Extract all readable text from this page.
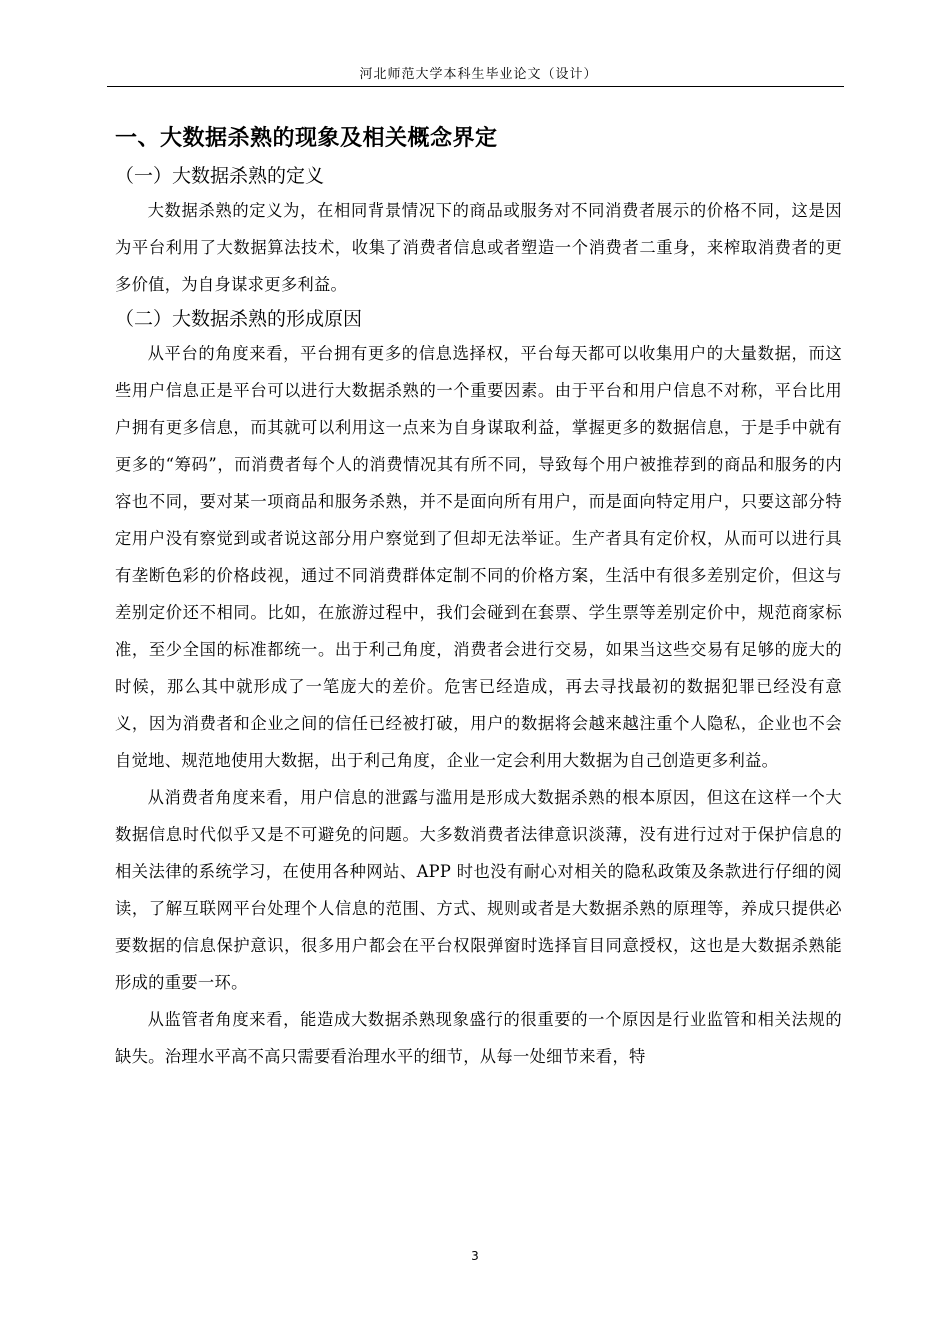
河北师范大学本科生毕业论文（设计）
一、大数据杀熟的现象及相关概念界定
（一）大数据杀熟的定义

大数据杀熟的定义为，在相同背景情况下的商品或服务对不同消费者展示的价格不同，这是因为平台利用了大数据算法技术，收集了消费者信息或者塑造一个消费者二重身，来榨取消费者的更多价值，为自身谋求更多利益。

（二）大数据杀熟的形成原因

从平台的角度来看，平台拥有更多的信息选择权，平台每天都可以收集用户的大量数据，而这些用户信息正是平台可以进行大数据杀熟的一个重要因素。由于平台和用户信息不对称，平台比用户拥有更多信息，而其就可以利用这一点来为自身谋取利益，掌握更多的数据信息，于是手中就有更多的“筹码”，而消费者每个人的消费情况其有所不同，导致每个用户被推荐到的商品和服务的内容也不同，要对某一项商品和服务杀熟，并不是面向所有用户，而是面向特定用户，只要这部分特定用户没有察觉到或者说这部分用户察觉到了但却无法举证。生产者具有定价权，从而可以进行具有垄断色彩的价格歧视，通过不同消费群体定制不同的价格方案，生活中有很多差别定价，但这与差别定价还不相同。比如，在旅游过程中，我们会碰到在套票、学生票等差别定价中，规范商家标准，至少全国的标准都统一。出于利己角度，消费者会进行交易，如果当这些交易有足够的庞大的时候，那么其中就形成了一笔庞大的差价。危害已经造成，再去寻找最初的数据犯罪已经没有意义，因为消费者和企业之间的信任已经被打破，用户的数据将会越来越注重个人隐私，企业也不会自觉地、规范地使用大数据，出于利己角度，企业一定会利用大数据为自己创造更多利益。

从消费者角度来看，用户信息的泄露与滥用是形成大数据杀熟的根本原因，但这在这样一个大数据信息时代似乎又是不可避免的问题。大多数消费者法律意识淡薄，没有进行过对于保护信息的相关法律的系统学习，在使用各种网站、APP 时也没有耐心对相关的隐私政策及条款进行仔细的阅读，了解互联网平台处理个人信息的范围、方式、规则或者是大数据杀熟的原理等，养成只提供必要数据的信息保护意识，很多用户都会在平台权限弹窗时选择盲目同意授权，这也是大数据杀熟能形成的重要一环。

从监管者角度来看，能造成大数据杀熟现象盛行的很重要的一个原因是行业监管和相关法规的缺失。治理水平高不高只需要看治理水平的细节，从每一处细节来看，特

3
